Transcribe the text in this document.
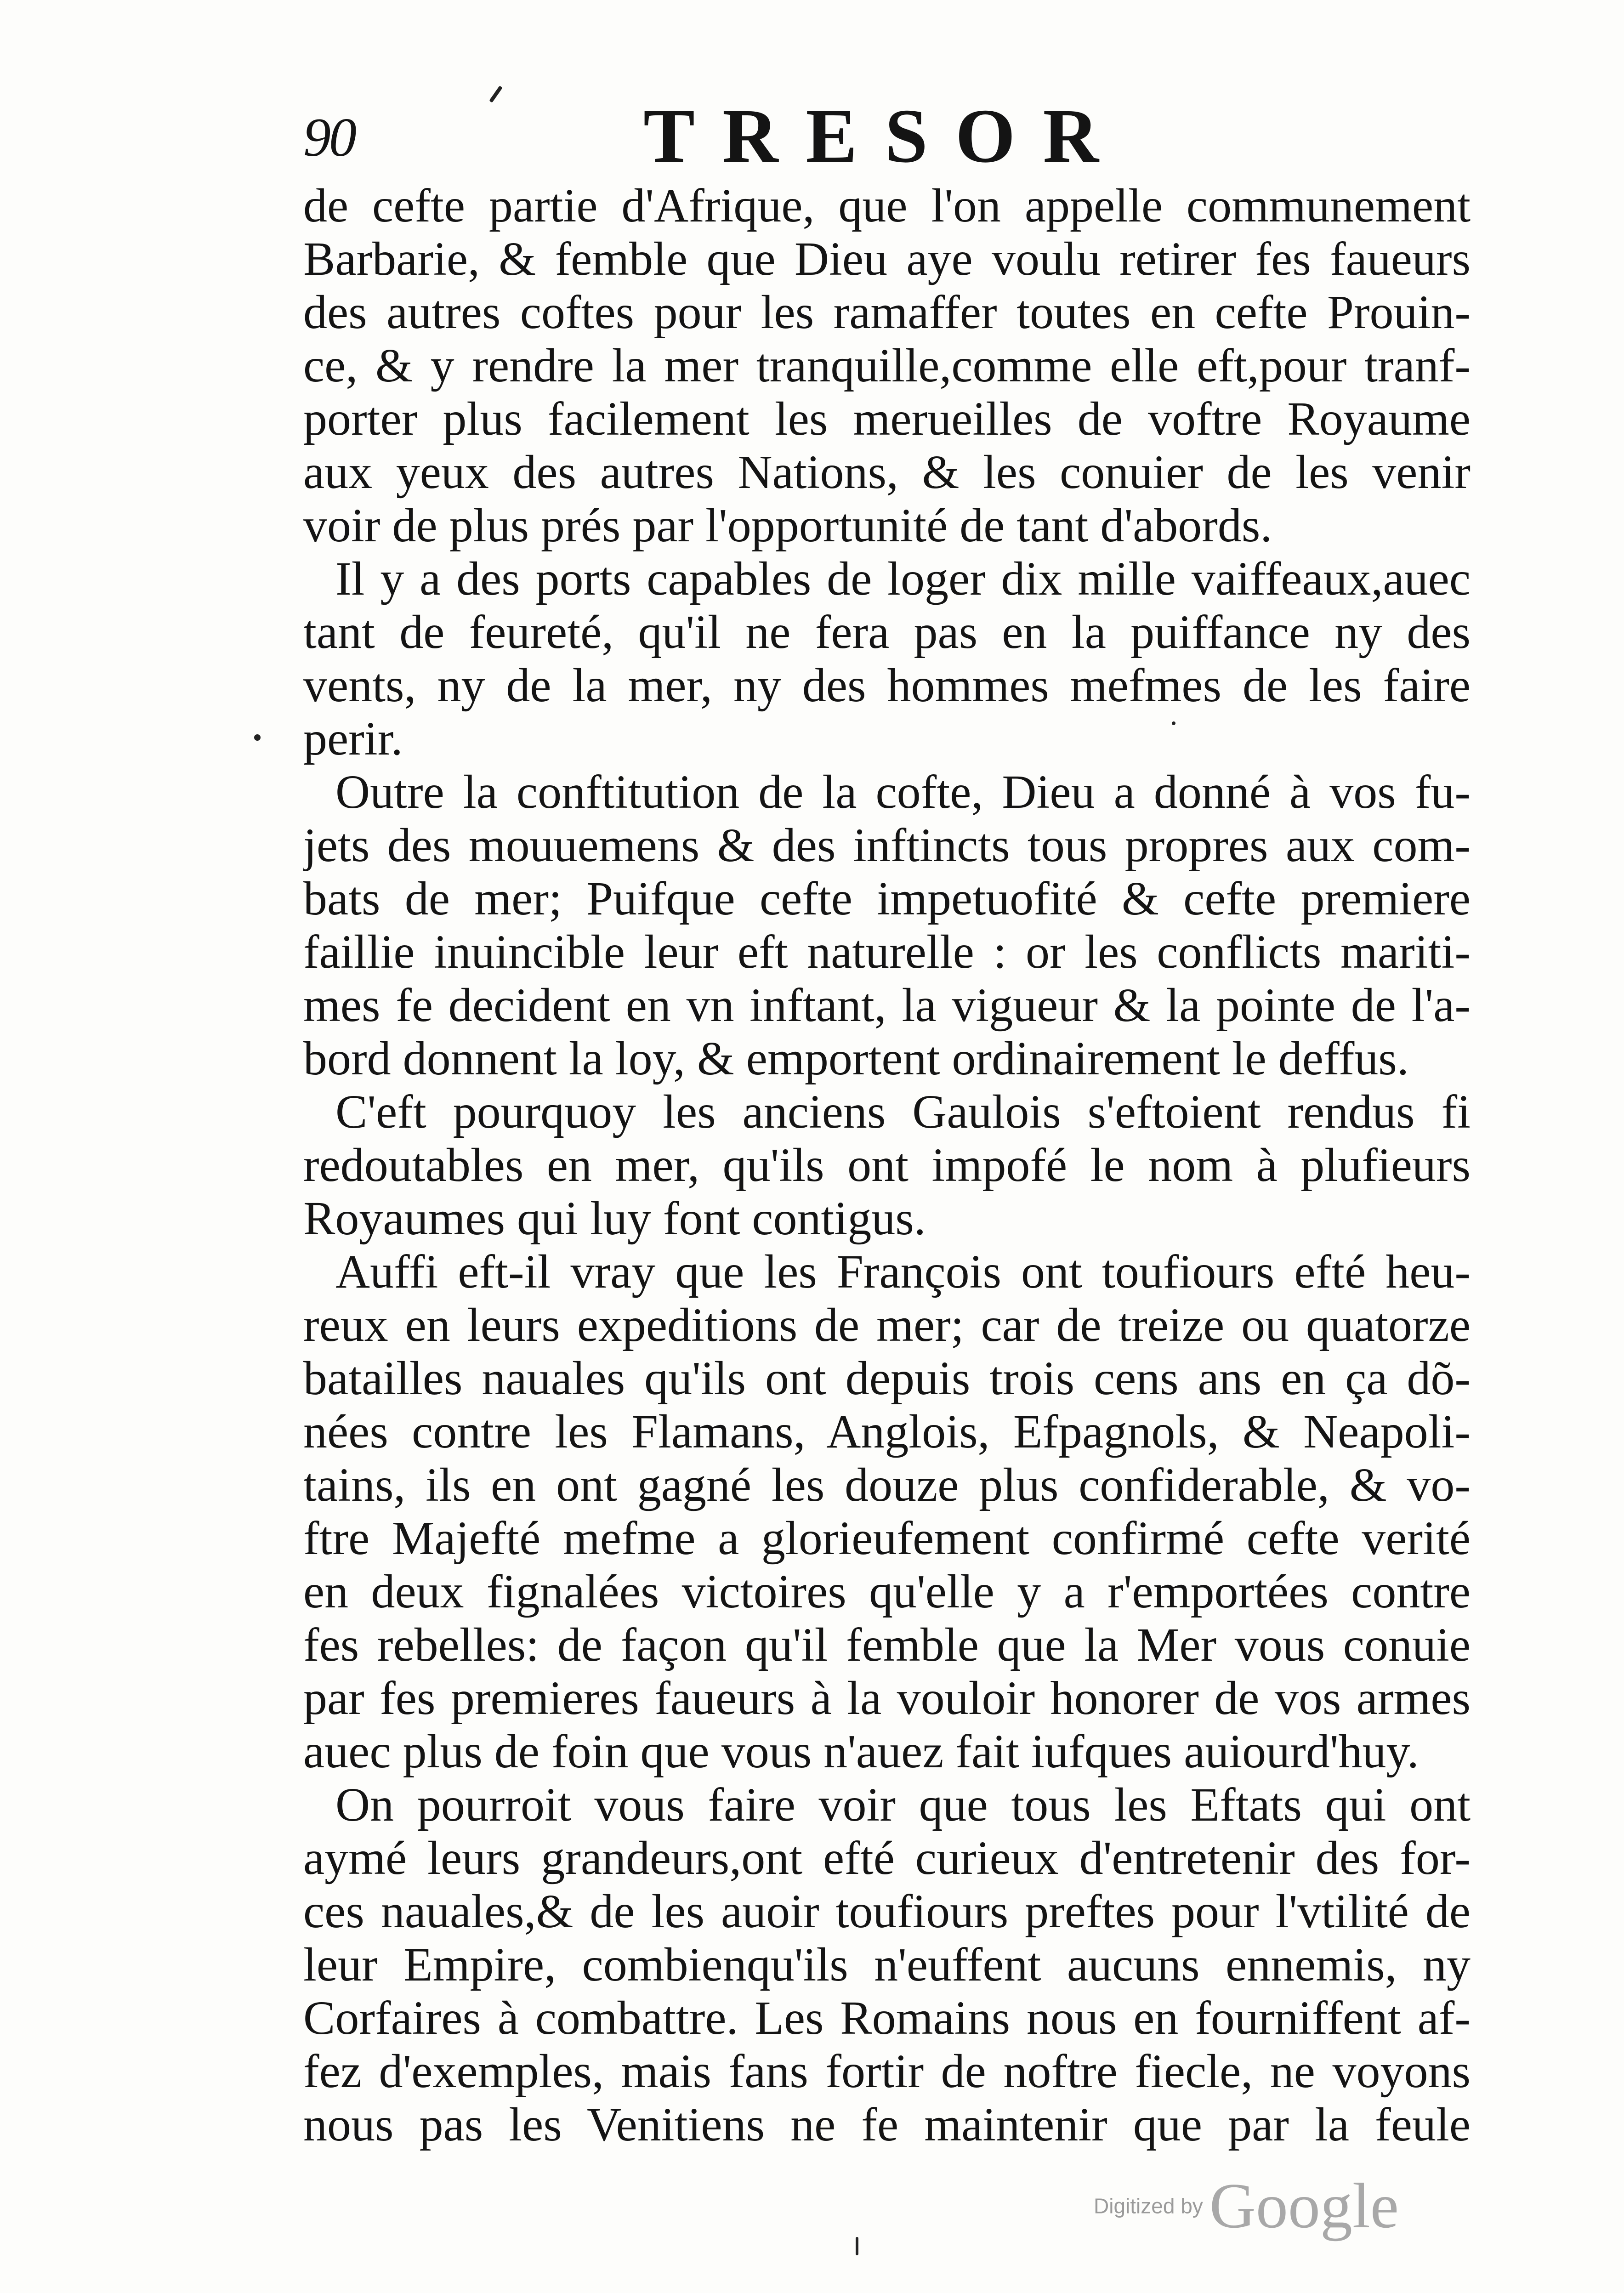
90	TRESOR
de cefte partie d'Afrique, que l'on appelle communement
Barbarie, & femble que Dieu aye voulu retirer fes faueurs
des autres coftes pour les ramaffer toutes en cefte Prouin-
ce, & y rendre la mer tranquille,comme elle eft,pour tranf-
porter plus facilement les merueilles de voftre Royaume
aux yeux des autres Nations, & les conuier de les venir
voir de plus prés par l'opportunité de tant d'abords.
Il y a des ports capables de loger dix mille vaiffeaux,auec
tant de feureté, qu'il ne fera pas en la puiffance ny des
vents, ny de la mer, ny des hommes mefmes de les faire
perir.
Outre la conftitution de la cofte, Dieu a donné à vos fu-
jets des mouuemens & des inftincts tous propres aux com-
bats de mer; Puifque cefte impetuofité & cefte premiere
faillie inuincible leur eft naturelle : or les conflicts mariti-
mes fe decident en vn inftant, la vigueur & la pointe de l'a-
bord donnent la loy, & emportent ordinairement le deffus.
C'eft pourquoy les anciens Gaulois s'eftoient rendus fi
redoutables en mer, qu'ils ont impofé le nom à plufieurs
Royaumes qui luy font contigus.
Auffi eft-il vray que les François ont toufiours efté heu-
reux en leurs expeditions de mer; car de treize ou quatorze
batailles nauales qu'ils ont depuis trois cens ans en ça dõ-
nées contre les Flamans, Anglois, Efpagnols, & Neapoli-
tains, ils en ont gagné les douze plus confiderable, & vo-
ftre Majefté mefme a glorieufement confirmé cefte verité
en deux fignalées victoires qu'elle y a r'emportées contre
fes rebelles: de façon qu'il femble que la Mer vous conuie
par fes premieres faueurs à la vouloir honorer de vos armes
auec plus de foin que vous n'auez fait iufques auiourd'huy.
On pourroit vous faire voir que tous les Eftats qui ont
aymé leurs grandeurs,ont efté curieux d'entretenir des for-
ces nauales,& de les auoir toufiours preftes pour l'vtilité de
leur Empire, combienqu'ils n'euffent aucuns ennemis, ny
Corfaires à combattre. Les Romains nous en fourniffent af-
fez d'exemples, mais fans fortir de noftre fiecle, ne voyons
nous pas les Venitiens ne fe maintenir que par la feule
Digitized by Google
